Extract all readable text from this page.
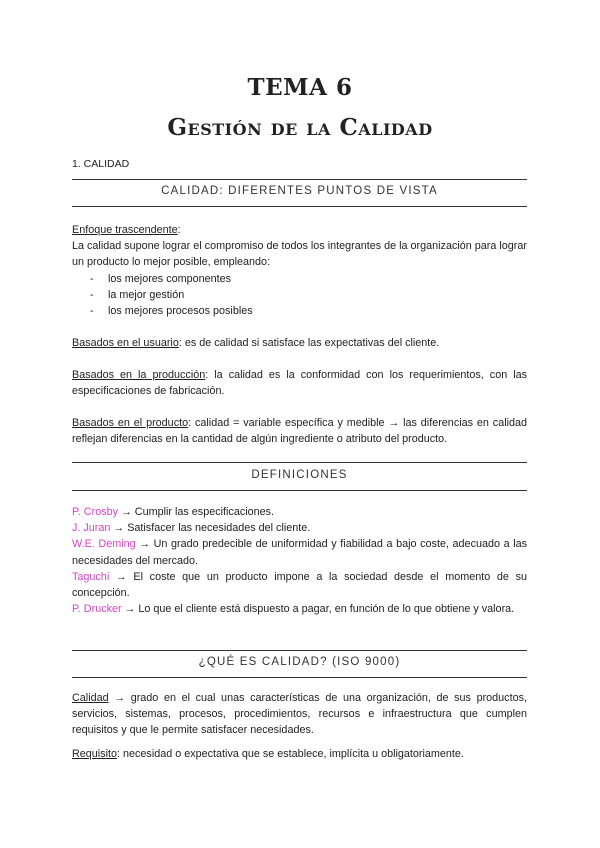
TEMA 6
Gestión de la Calidad
1. CALIDAD
CALIDAD: DIFERENTES PUNTOS DE VISTA

Enfoque trascendente:

La calidad supone lograr el compromiso de todos los integrantes de la organización para lograr un producto lo mejor posible, empleando:

- los mejores componentes
- la mejor gestión
- los mejores procesos posibles
Basados en el usuario: es de calidad si satisface las expectativas del cliente.
Basados en la producción: la calidad es la conformidad con los requerimientos, con las especificaciones de fabricación.
Basados en el producto: calidad = variable específica y medible → las diferencias en calidad reflejan diferencias en la cantidad de algún ingrediente o atributo del producto.
DEFINICIONES

P. Crosby → Cumplir las especificaciones.

J. Juran → Satisfacer las necesidades del cliente.

W.E. Deming → Un grado predecible de uniformidad y fiabilidad a bajo coste, adecuado a las necesidades del mercado.

Taguchi → El coste que un producto impone a la sociedad desde el momento de su concepción.

P. Drucker → Lo que el cliente está dispuesto a pagar, en función de lo que obtiene y valora.

¿QUÉ ES CALIDAD? (ISO 9000)
Calidad → grado en el cual unas características de una organización, de sus productos, servicios, sistemas, procesos, procedimientos, recursos e infraestructura que cumplen requisitos y que le permite satisfacer necesidades.
Requisito: necesidad o expectativa que se establece, implícita u obligatoriamente.
